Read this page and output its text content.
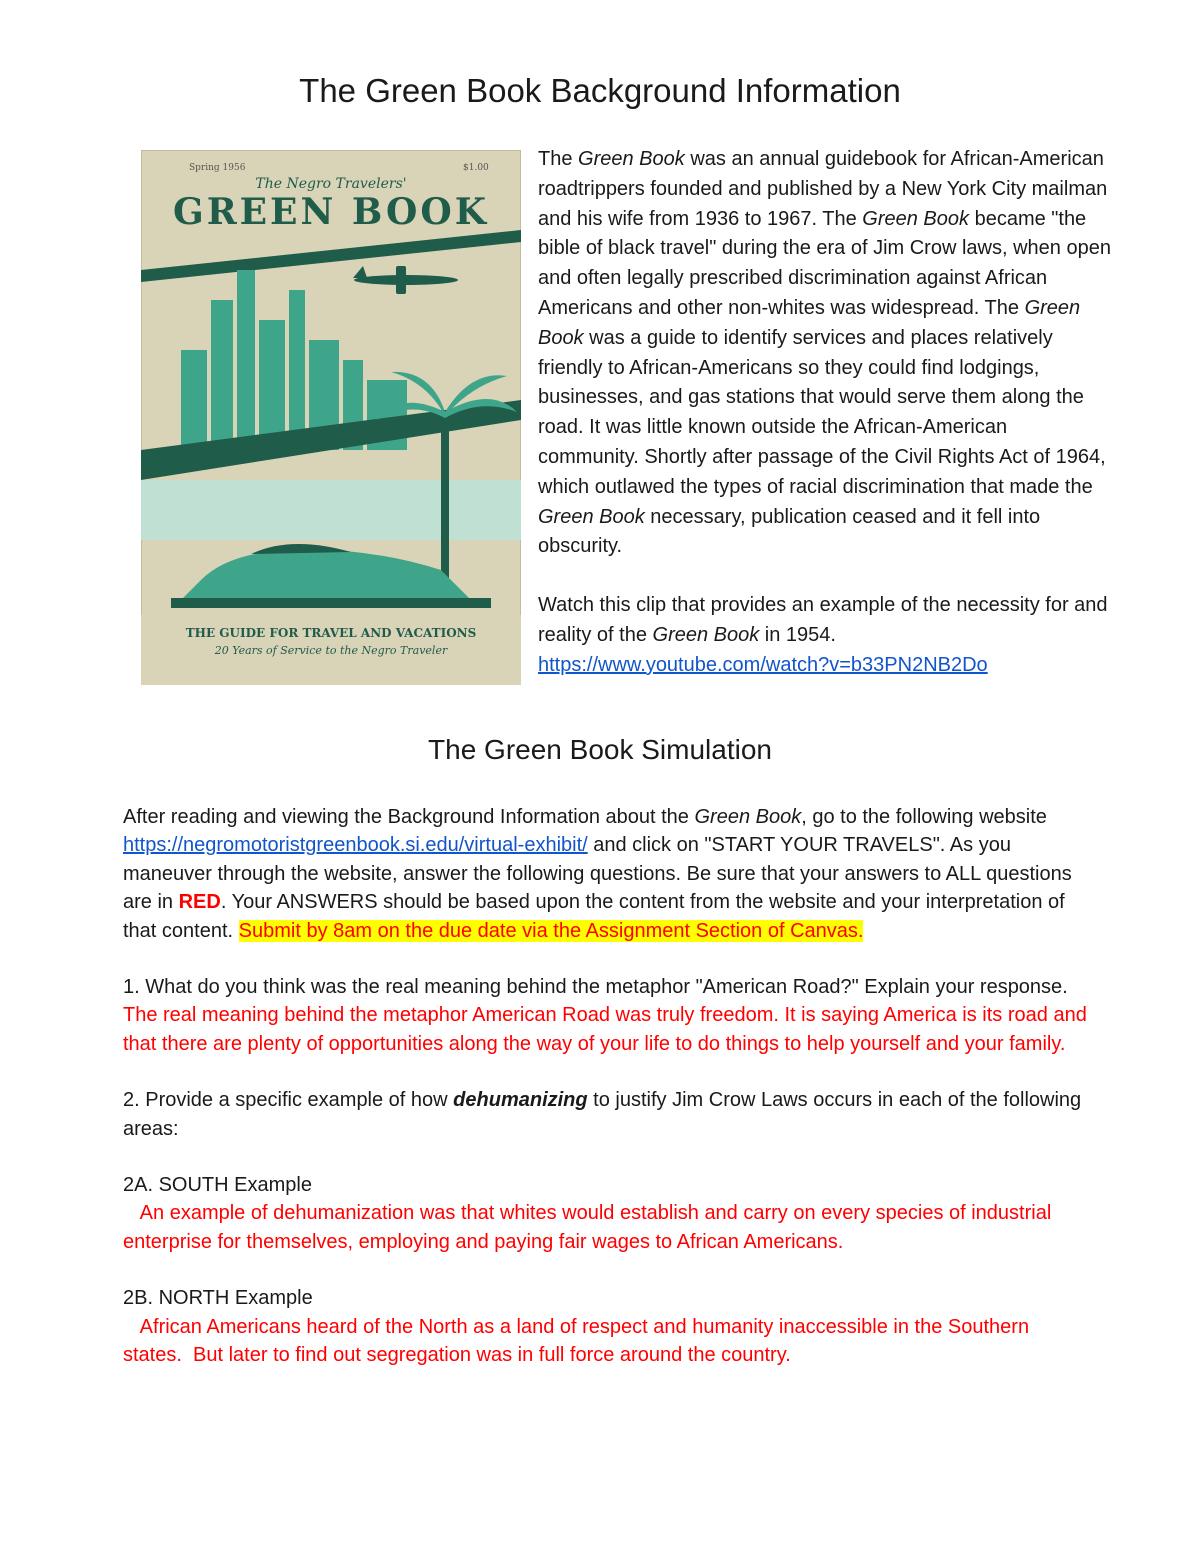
The Green Book Background Information
Spring 1956	$1.00
The Negro Travelers'
GREEN BOOK
THE GUIDE FOR TRAVEL AND VACATIONS
20 Years of Service to the Negro Traveler

The Green Book was an annual guidebook for African-American roadtrippers founded and published by a New York City mailman and his wife from 1936 to 1967. The Green Book became "the bible of black travel" during the era of Jim Crow laws, when open and often legally prescribed discrimination against African Americans and other non-whites was widespread. The Green Book was a guide to identify services and places relatively friendly to African-Americans so they could find lodgings, businesses, and gas stations that would serve them along the road. It was little known outside the African-American community. Shortly after passage of the Civil Rights Act of 1964, which outlawed the types of racial discrimination that made the Green Book necessary, publication ceased and it fell into obscurity.

Watch this clip that provides an example of the necessity for and reality of the Green Book in 1954.
https://www.youtube.com/watch?v=b33PN2NB2Do

The Green Book Simulation

After reading and viewing the Background Information about the Green Book, go to the following website https://negromotoristgreenbook.si.edu/virtual-exhibit/ and click on "START YOUR TRAVELS". As you maneuver through the website, answer the following questions. Be sure that your answers to ALL questions are in RED. Your ANSWERS should be based upon the content from the website and your interpretation of that content. Submit by 8am on the due date via the Assignment Section of Canvas.

1. What do you think was the real meaning behind the metaphor "American Road?" Explain your response.

The real meaning behind the metaphor American Road was truly freedom. It is saying America is its road and that there are plenty of opportunities along the way of your life to do things to help yourself and your family.

2. Provide a specific example of how dehumanizing to justify Jim Crow Laws occurs in each of the following areas:

2A. SOUTH Example

An example of dehumanization was that whites would establish and carry on every species of industrial enterprise for themselves, employing and paying fair wages to African Americans.

2B. NORTH Example

African Americans heard of the North as a land of respect and humanity inaccessible in the Southern states.  But later to find out segregation was in full force around the country.
